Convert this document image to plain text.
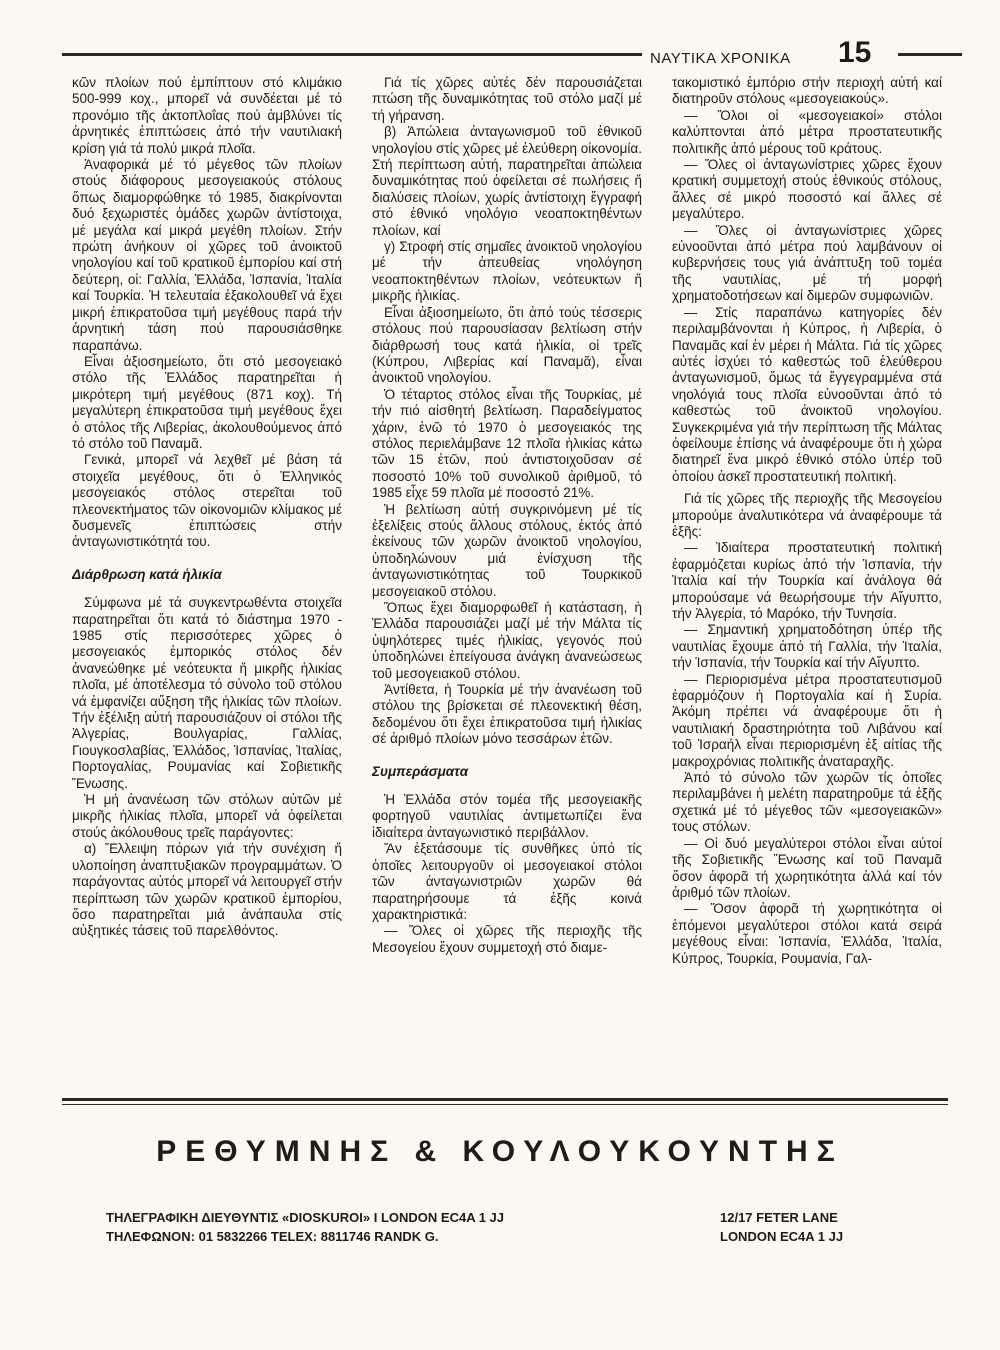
ΝΑΥΤΙΚΑ ΧΡΟΝΙΚΑ 15

κῶν πλοίων πού ἐμπίπτουν στό κλιμάκιο 500-999 κοχ., μπορεῖ νά συνδέεται μέ τό προνόμιο τῆς ἀκτοπλοΐας πού ἀμβλύνει τίς ἀρνητικές ἐπιπτώσεις ἀπό τήν ναυτιλιακή κρίση γιά τά πολύ μικρά πλοῖα.

Ἀναφορικά μέ τό μέγεθος τῶν πλοίων στούς διάφορους μεσογειακούς στόλους ὅπως διαμορφώθηκε τό 1985, διακρίνονται δυό ξεχωριστές ὁμάδες χωρῶν ἀντίστοιχα, μέ μεγάλα καί μικρά μεγέθη πλοίων. Στήν πρώτη ἀνήκουν οἱ χῶρες τοῦ ἀνοικτοῦ νηολογίου καί τοῦ κρατικοῦ ἐμπορίου καί στή δεύτερη, οἱ: Γαλλία, Ἑλλάδα, Ἱσπανία, Ἰταλία καί Τουρκία. Ἡ τελευταία ἐξακολουθεῖ νά ἔχει μικρή ἐπικρατοῦσα τιμή μεγέθους παρά τήν ἀρνητική τάση πού παρουσιάσθηκε παραπάνω.

Εἶναι ἀξιοσημείωτο, ὅτι στό μεσογειακό στόλο τῆς Ἑλλάδος παρατηρεῖται ἡ μικρότερη τιμή μεγέθους (871 κοχ). Τή μεγαλύτερη ἐπικρατοῦσα τιμή μεγέθους ἔχει ὁ στόλος τῆς Λιβερίας, ἀκολουθούμενος ἀπό τό στόλο τοῦ Παναμᾶ.

Γενικά, μπορεῖ νά λεχθεῖ μέ βάση τά στοιχεῖα μεγέθους, ὅτι ὁ Ἑλληνικός μεσογειακός στόλος στερεῖται τοῦ πλεονεκτήματος τῶν οἰκονομιῶν κλίμακος μέ δυσμενεῖς ἐπιπτώσεις στήν ἀνταγωνιστικότητά του.

Διάρθρωση κατά ἡλικία

Σύμφωνα μέ τά συγκεντρωθέντα στοιχεῖα παρατηρεῖται ὅτι κατά τό διάστημα 1970 - 1985 στίς περισσότερες χῶρες ὁ μεσογειακός ἐμπορικός στόλος δέν ἀνανεώθηκε μέ νεότευκτα ἤ μικρῆς ἡλικίας πλοῖα, μέ ἀποτέλεσμα τό σύνολο τοῦ στόλου νά ἐμφανίζει αὔξηση τῆς ἡλικίας τῶν πλοίων. Τήν ἐξέλιξη αὐτή παρουσιάζουν οἱ στόλοι τῆς Ἀλγερίας, Βουλγαρίας, Γαλλίας, Γιουγκοσλαβίας, Ἑλλάδος, Ἱσπανίας, Ἰταλίας, Πορτογαλίας, Ρουμανίας καί Σοβιετικῆς Ἕνωσης.

Ἡ μή ἀνανέωση τῶν στόλων αὐτῶν μέ μικρῆς ἡλικίας πλοῖα, μπορεῖ νά ὀφείλεται στούς ἀκόλουθους τρεῖς παράγοντες:

α) Ἔλλειψη πόρων γιά τήν συνέχιση ἤ υλοποίηση ἀναπτυξιακῶν προγραμμάτων. Ὁ παράγοντας αὐτός μπορεῖ νά λειτουργεῖ στήν περίπτωση τῶν χωρῶν κρατικοῦ ἐμπορίου, ὅσο παρατηρεῖται μιά ἀνάπαυλα στίς αὐξητικές τάσεις τοῦ παρελθόντος.

Γιά τίς χῶρες αὐτές δέν παρουσιάζεται πτώση τῆς δυναμικότητας τοῦ στόλο μαζί μέ τή γήρανση.

β) Ἀπώλεια ἀνταγωνισμοῦ τοῦ ἐθνικοῦ νηολογίου στίς χῶρες μέ ἐλεύθερη οἰκονομία. Στή περίπτωση αὐτή, παρατηρεῖται ἀπώλεια δυναμικότητας πού ὀφείλεται σέ πωλήσεις ἤ διαλύσεις πλοίων, χωρίς ἀντίστοιχη ἔγγραφή στό ἐθνικό νηολόγιο νεοαποκτηθέντων πλοίων, καί

γ) Στροφή στίς σημαῖες ἀνοικτοῦ νηολογίου μέ τήν ἀπευθείας νηολόγηση νεοαποκτηθέντων πλοίων, νεότευκτων ἤ μικρῆς ἡλικίας.

Εἶναι ἀξιοσημείωτο, ὅτι ἀπό τούς τέσσερις στόλους πού παρουσίασαν βελτίωση στήν διάρθρωσή τους κατά ἡλικία, οἱ τρεῖς (Κύπρου, Λιβερίας καί Παναμᾶ), εἶναι ἀνοικτοῦ νηολογίου.

Ὁ τέταρτος στόλος εἶναι τῆς Τουρκίας, μέ τήν πιό αἰσθητή βελτίωση. Παραδείγματος χάριν, ἐνῶ τό 1970 ὁ μεσογειακός της στόλος περιελάμβανε 12 πλοῖα ἡλικίας κάτω τῶν 15 ἐτῶν, πού ἀντιστοιχοῦσαν σέ ποσοστό 10% τοῦ συνολικοῦ ἀριθμοῦ, τό 1985 εἶχε 59 πλοῖα μέ ποσοστό 21%.

Ἡ βελτίωση αὐτή συγκρινόμενη μέ τίς ἐξελίξεις στούς ἄλλους στόλους, ἐκτός ἀπό ἐκείνους τῶν χωρῶν ἀνοικτοῦ νηολογίου, ὑποδηλώνουν μιά ἐνίσχυση τῆς ἀνταγωνιστικότητας τοῦ Τουρκικοῦ μεσογειακοῦ στόλου.

Ὅπως ἔχει διαμορφωθεῖ ἡ κατάσταση, ἡ Ἑλλάδα παρουσιάζει μαζί μέ τήν Μάλτα τίς ὑψηλότερες τιμές ἡλικίας, γεγονός πού ὑποδηλώνει ἐπείγουσα ἀνάγκη ἀνανεώσεως τοῦ μεσογειακοῦ στόλου.

Ἀντίθετα, ἡ Τουρκία μέ τήν ἀνανέωση τοῦ στόλου της βρίσκεται σέ πλεονεκτική θέση, δεδομένου ὅτι ἔχει ἐπικρατοῦσα τιμή ἡλικίας σέ ἀριθμό πλοίων μόνο τεσσάρων ἐτῶν.

Συμπεράσματα

Ἡ Ἑλλάδα στόν τομέα τῆς μεσογειακῆς φορτηγοῦ ναυτιλίας ἀντιμετωπίζει ἕνα ἰδιαίτερα ἀνταγωνιστικό περιβάλλον.

Ἄν ἐξετάσουμε τίς συνθῆκες ὑπό τίς ὁποῖες λειτουργοῦν οἱ μεσογειακοί στόλοι τῶν ἀνταγωνιστριῶν χωρῶν θά παρατηρήσουμε τά ἑξῆς κοινά χαρακτηριστικά:

— Ὅλες οἱ χῶρες τῆς περιοχῆς τῆς Μεσογείου ἔχουν συμμετοχή στό διαμε-

τακομιστικό ἐμπόριο στήν περιοχή αὐτή καί διατηροῦν στόλους «μεσογειακούς».

— Ὅλοι οἱ «μεσογειακοί» στόλοι καλύπτονται ἀπό μέτρα προστατευτικῆς πολιτικῆς ἀπό μέρους τοῦ κράτους.

— Ὅλες οἱ ἀνταγωνίστριες χῶρες ἔχουν κρατική συμμετοχή στούς ἐθνικούς στόλους, ἄλλες σέ μικρό ποσοστό καί ἄλλες σέ μεγαλύτερο.

— Ὅλες οἱ ἀνταγωνίστριες χῶρες εὐνοοῦνται ἀπό μέτρα πού λαμβάνουν οἱ κυβερνήσεις τους γιά ἀνάπτυξη τοῦ τομέα τῆς ναυτιλίας, μέ τή μορφή χρηματοδοτήσεων καί διμερῶν συμφωνιῶν.

— Στίς παραπάνω κατηγορίες δέν περιλαμβάνονται ἡ Κύπρος, ἡ Λιβερία, ὁ Παναμᾶς καί ἐν μέρει ἡ Μάλτα. Γιά τίς χῶρες αὐτές ἰσχύει τό καθεστώς τοῦ ἐλεύθερου ἀνταγωνισμοῦ, ὅμως τά ἔγγεγραμμένα στά νηολόγιά τους πλοῖα εὐνοοῦνται ἀπό τό καθεστώς τοῦ ἀνοικτοῦ νηολογίου. Συγκεκριμένα γιά τήν περίπτωση τῆς Μάλτας ὀφείλουμε ἐπίσης νά ἀναφέρουμε ὅτι ἡ χώρα διατηρεῖ ἕνα μικρό ἐθνικό στόλο ὑπέρ τοῦ ὁποίου ἀσκεῖ προστατευτική πολιτική.

Γιά τίς χῶρες τῆς περιοχῆς τῆς Μεσογείου μπορούμε ἀναλυτικότερα νά ἀναφέρουμε τά ἑξῆς:

— Ἰδιαίτερα προστατευτική πολιτική ἐφαρμόζεται κυρίως ἀπό τήν Ἱσπανία, τήν Ἰταλία καί τήν Τουρκία καί ἀνάλογα θά μπορούσαμε νά θεωρήσουμε τήν Αἴγυπτο, τήν Ἀλγερία, τό Μαρόκο, τήν Τυνησία.

— Σημαντική χρηματοδότηση ὑπέρ τῆς ναυτιλίας ἔχουμε ἀπό τή Γαλλία, τήν Ἰταλία, τήν Ἱσπανία, τήν Τουρκία καί τήν Αἴγυπτο.

— Περιορισμένα μέτρα προστατευτισμοῦ ἐφαρμόζουν ἡ Πορτογαλία καί ἡ Συρία. Ἀκόμη πρέπει νά ἀναφέρουμε ὅτι ἡ ναυτιλιακή δραστηριότητα τοῦ Λιβάνου καί τοῦ Ἰσραήλ εἶναι περιορισμένη ἐξ αἰτίας τῆς μακροχρόνιας πολιτικῆς ἀναταραχῆς.

Ἀπό τό σύνολο τῶν χωρῶν τίς ὁποῖες περιλαμβάνει ἡ μελέτη παρατηροῦμε τά ἑξῆς σχετικά μέ τό μέγεθος τῶν «μεσογειακῶν» τους στόλων.

— Οἱ δυό μεγαλύτεροι στόλοι εἶναι αὐτοί τῆς Σοβιετικῆς Ἕνωσης καί τοῦ Παναμᾶ ὅσον ἀφορᾶ τή χωρητικότητα ἀλλά καί τόν ἀριθμό τῶν πλοίων.

— Ὅσον ἀφορᾶ τή χωρητικότητα οἱ ἑπόμενοι μεγαλύτεροι στόλοι κατά σειρά μεγέθους εἶναι: Ἱσπανία, Ἑλλάδα, Ἰταλία, Κύπρος, Τουρκία, Ρουμανία, Γαλ-

ΡΕΘΥΜΝΗΣ & ΚΟΥΛΟΥΚΟΥΝΤΗΣ
ΤΗΛΕΓΡΑΦΙΚΗ ΔΙΕΥΘΥΝΤΙΣ «DIOSKUROI» I LONDON EC4A 1 JJ
ΤΗΛΕΦΩΝΟΝ: 01 5832266 TELEX: 8811746 RANDK G.
12/17 FETER LANE
LONDON EC4A 1 JJ
